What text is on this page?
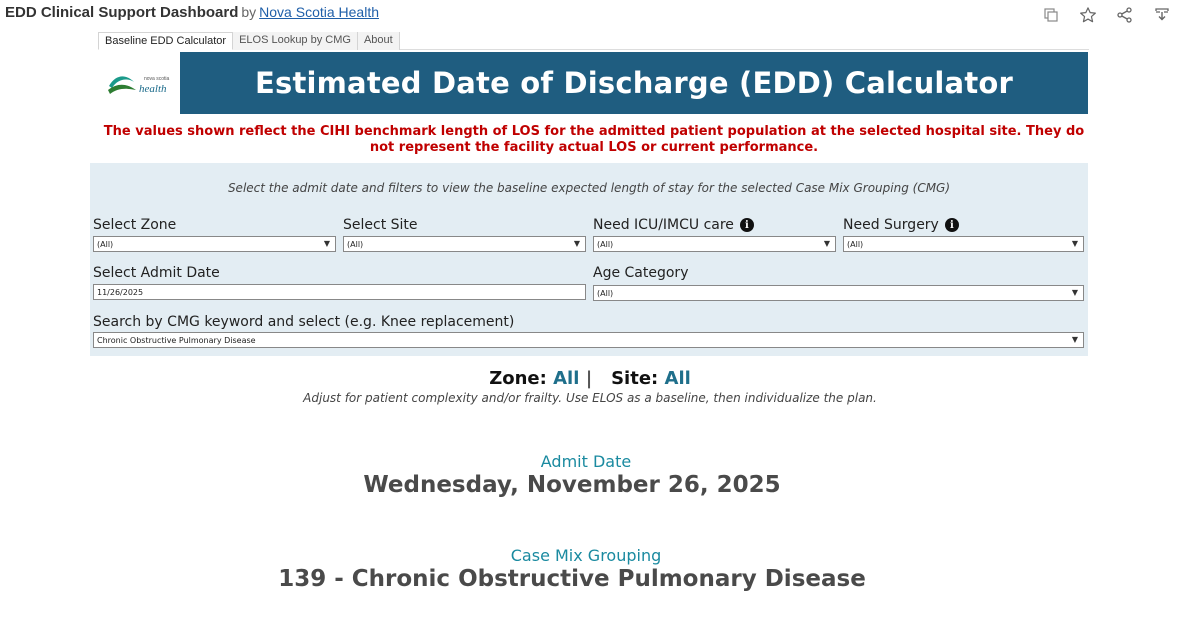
EDD Clinical Support Dashboard by Nova Scotia Health
Baseline EDD Calculator	ELOS Lookup by CMG	About
nova scotia
health	Estimated Date of Discharge (EDD) Calculator
The values shown reflect the CIHI benchmark length of LOS for the admitted patient population at the selected hospital site. They do not represent the facility actual LOS or current performance.
Select the admit date and filters to view the baseline expected length of stay for the selected Case Mix Grouping (CMG)
Select Zone
(All)	▼
Select Site
(All)	▼
Need ICU/IMCU care	i
(All)	▼
Need Surgery	i
(All)	▼
Select Admit Date
11/26/2025
Age Category
(All)	▼
Search by CMG keyword and select (e.g. Knee replacement)
Chronic Obstructive Pulmonary Disease	▼
Zone: All | Site: All
Adjust for patient complexity and/or frailty. Use ELOS as a baseline, then individualize the plan.
Admit Date
Wednesday, November 26, 2025
Case Mix Grouping
139 - Chronic Obstructive Pulmonary Disease
